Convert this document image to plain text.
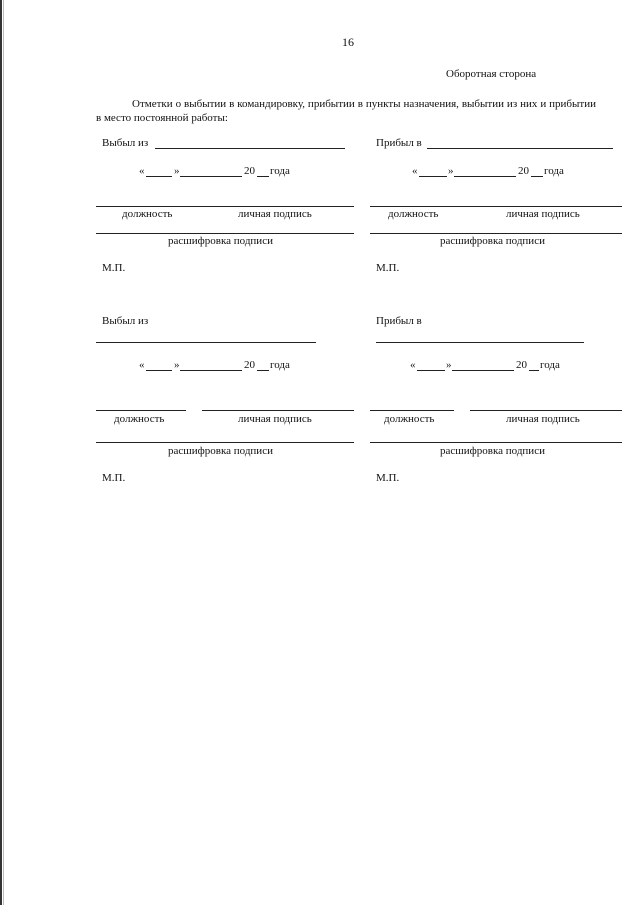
16
Оборотная сторона
Отметки о выбытии в командировку, прибытии в пункты назначения, выбытии из них и прибытии в место постоянной работы:
Выбыл из
«	»	20 года
должность	личная подпись
расшифровка подписи
М.П.
Прибыл в
«	»	20 года
должность	личная подпись
расшифровка подписи
М.П.
Выбыл из
«	»	20 года
должность	личная подпись
расшифровка подписи
М.П.
Прибыл в
«	»	20 года
должность	личная подпись
расшифровка подписи
М.П.
